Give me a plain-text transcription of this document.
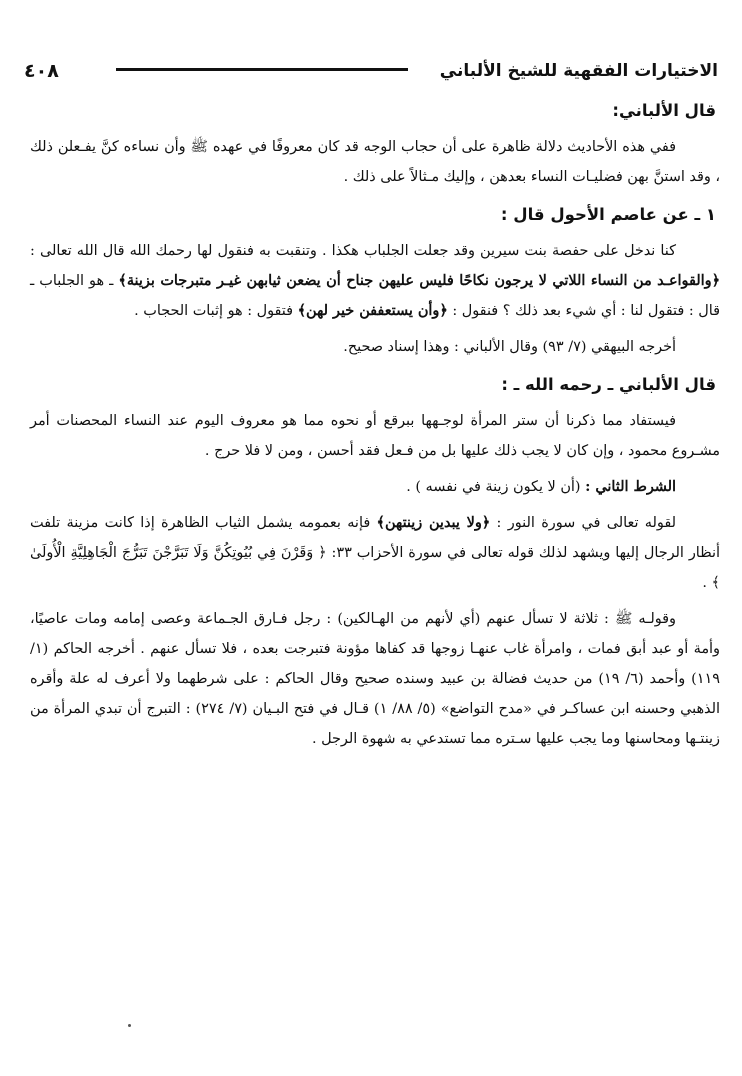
الاختيارات الفقهية للشيخ الألباني
٤٠٨

قال الألباني:

ففي هذه الأحاديث دلالة ظاهرة على أن حجاب الوجه قد كان معروفًا في عهده ﷺ وأن نساءه كنَّ يفـعلن ذلك ، وقد استنَّ بهن فضليـات النساء بعدهن ، وإليك مـثالاً على ذلك .

١ ـ عن عاصم الأحول قال :

كنا ندخل على حفصة بنت سيرين وقد جعلت الجلباب هكذا . وتنقبت به فنقول لها رحمك الله قال الله تعالى : ﴿والقواعـد من النساء اللاتي لا يرجون نكاحًا فليس عليهن جناح أن يضعن ثيابهن غيـر متبرجات بزينة﴾ ـ هو الجلباب ـ قال : فتقول لنا : أي شيء بعد ذلك ؟ فنقول : ﴿وأن يستعففن خير لهن﴾ فتقول : هو إثبات الحجاب .

أخرجه البيهقي (٧/ ٩٣) وقال الألباني : وهذا إسناد صحيح.

قال الألباني ـ رحمه الله ـ :

فيستفاد مما ذكرنا أن ستر المرأة لوجـهها ببرقع أو نحوه مما هو معروف اليوم عند النساء المحصنات أمر مشـروع محمود ، وإن كان لا يجب ذلك عليها بل من فـعل فقد أحسن ، ومن لا فلا حرج .

الشرط الثاني : (أن لا يكون زينة في نفسه ) .

لقوله تعالى في سورة النور : ﴿ولا يبدين زينتهن﴾ فإنه بعمومه يشمل الثياب الظاهرة إذا كانت مزينة تلفت أنظار الرجال إليها ويشهد لذلك قوله تعالى في سورة الأحزاب ٣٣: ﴿ وَقَرْنَ فِي بُيُوتِكُنَّ وَلَا تَبَرَّجْنَ تَبَرُّجَ الْجَاهِلِيَّةِ الْأُولَىٰ ﴾ .

وقولـه ﷺ : ثلاثة لا تسأل عنهم (أي لأنهم من الهـالكين) : رجل فـارق الجـماعة وعصى إمامه ومات عاصيًا، وأمة أو عبد أبق فمات ، وامرأة غاب عنهـا زوجها قد كفاها مؤونة فتبرجت بعده ، فلا تسأل عنهم . أخرجه الحاكم (١/ ١١٩) وأحمد (٦/ ١٩) من حديث فضالة بن عبيد وسنده صحيح وقال الحاكم : على شرطهما ولا أعرف له علة وأقره الذهبي وحسنه ابن عساكـر في «مدح التواضع» (٥/ ٨٨/ ١) قـال في فتح البـيان (٧/ ٢٧٤) : التبرج أن تبدي المرأة من زينتـها ومحاسنها وما يجب عليها سـتره مما تستدعي به شهوة الرجل .
